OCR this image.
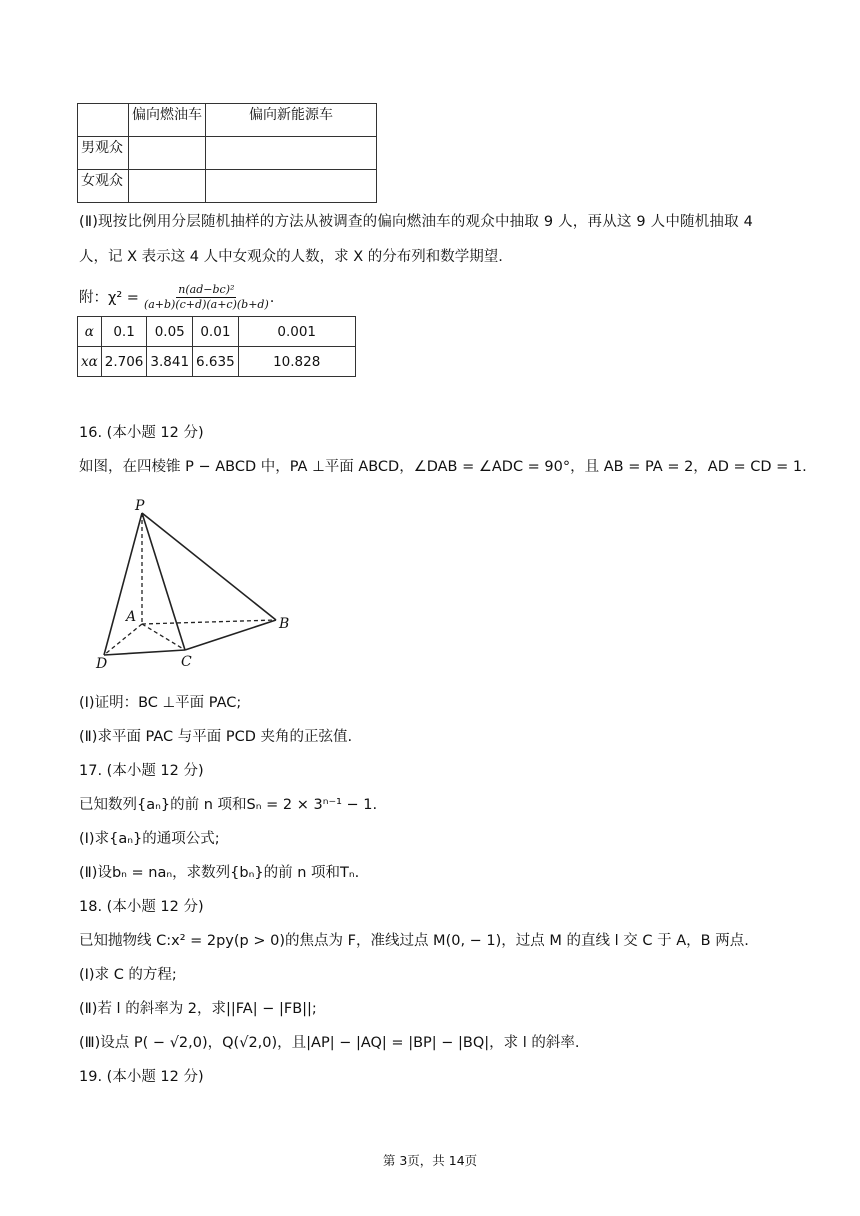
	偏向燃油车	偏向新能源车
男观众		
女观众		
(Ⅱ)现按比例用分层随机抽样的方法从被调查的偏向燃油车的观众中抽取 9 人，再从这 9 人中随机抽取 4
人，记 X 表示这 4 人中女观众的人数，求 X 的分布列和数学期望.
附：$\chi^2 = \frac{\text{n(ad−bc)²}}{(a+b)(c+d)(a+c)(b+d)}$ .
α	0.1	0.05	0.01	0.001
xα	2.706	3.841	6.635	10.828
16. (本小题 12 分)
如图，在四棱锥 P − ABCD 中，PA ⊥平面 ABCD，∠DAB = ∠ADC = 90°，且 AB = PA = 2，AD = CD = 1.
P
A	B
C
D
(Ⅰ)证明：BC ⊥平面 PAC;
(Ⅱ)求平面 PAC 与平面 PCD 夹角的正弦值.
17. (本小题 12 分)
已知数列{aₙ}的前 n 项和Sₙ = 2 × 3ⁿ⁻¹ − 1.
(Ⅰ)求{aₙ}的通项公式;
(Ⅱ)设bₙ = naₙ，求数列{bₙ}的前 n 项和Tₙ.
18. (本小题 12 分)
已知抛物线 C:x² = 2py(p > 0)的焦点为 F，准线过点 M(0, − 1)，过点 M 的直线 l 交 C 于 A，B 两点.
(Ⅰ)求 C 的方程;
(Ⅱ)若 l 的斜率为 2，求||FA| − |FB||;
(Ⅲ)设点 P( − √2,0)，Q(√2,0)，且|AP| − |AQ| = |BP| − |BQ|，求 l 的斜率.
19. (本小题 12 分)
第 3页，共 14页
